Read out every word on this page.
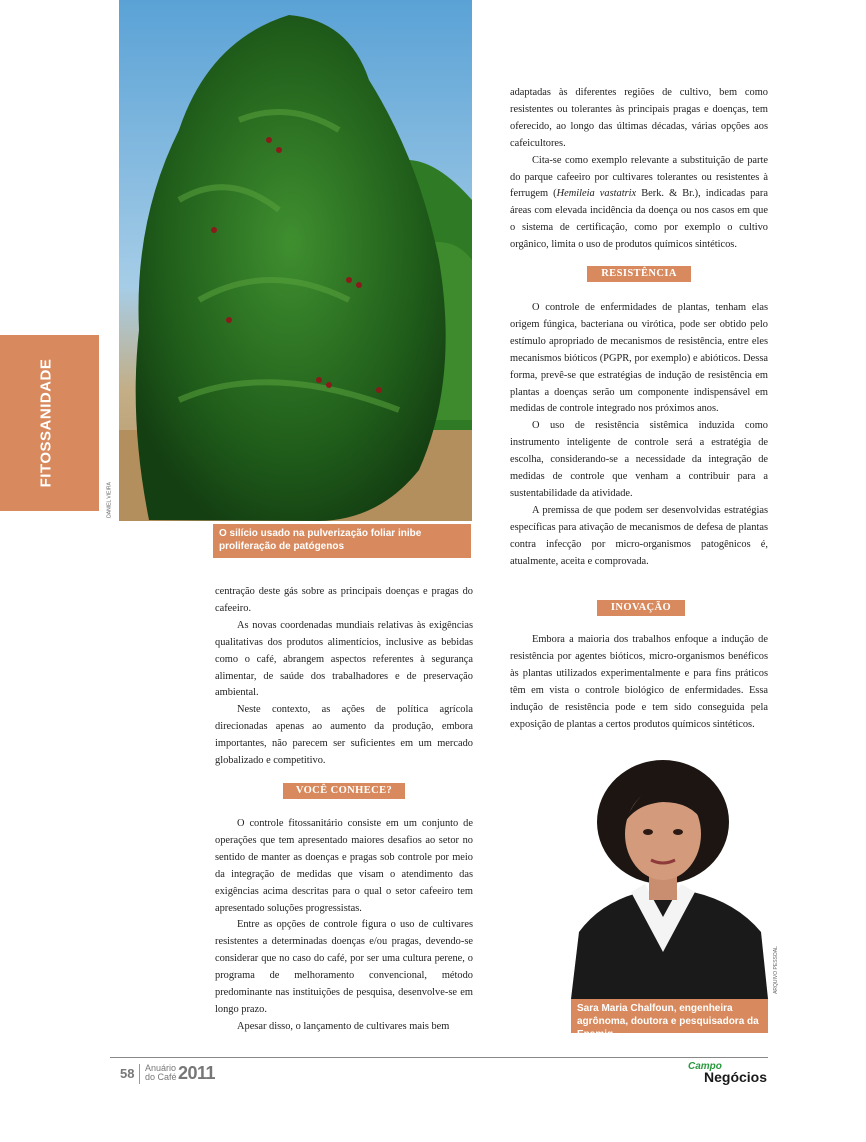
FITOSSANIDADE
DANIEL VIEIRA
O silício usado na pulverização foliar inibe proliferação de patógenos

centração deste gás sobre as principais doenças e pragas do cafeeiro.

As novas coordenadas mundiais relativas às exigências qualitativas dos produtos alimentícios, inclusive as bebidas como o café, abrangem aspectos referentes à segurança alimentar, de saúde dos trabalhadores e de preservação ambiental.

Neste contexto, as ações de política agrícola direcionadas apenas ao aumento da produção, embora importantes, não parecem ser suficientes em um mercado globalizado e competitivo.

VOCÊ CONHECE?

O controle fitossanitário consiste em um conjunto de operações que tem apresentado maiores desafios ao setor no sentido de manter as doenças e pragas sob controle por meio da integração de medidas que visam o atendimento das exigências acima descritas para o qual o setor cafeeiro tem apresentado soluções progressistas.

Entre as opções de controle figura o uso de cultivares resistentes a determinadas doenças e/ou pragas, devendo-se considerar que no caso do café, por ser uma cultura perene, o programa de melhoramento convencional, método predominante nas instituições de pesquisa, desenvolve-se em longo prazo.

Apesar disso, o lançamento de cultivares mais bem

adaptadas às diferentes regiões de cultivo, bem como resistentes ou tolerantes às principais pragas e doenças, tem oferecido, ao longo das últimas décadas, várias opções aos cafeicultores.

Cita-se como exemplo relevante a substituição de parte do parque cafeeiro por cultivares tolerantes ou resistentes à ferrugem (Hemileia vastatrix Berk. & Br.), indicadas para áreas com elevada incidência da doença ou nos casos em que o sistema de certificação, como por exemplo o cultivo orgânico, limita o uso de produtos químicos sintéticos.

RESISTÊNCIA

O controle de enfermidades de plantas, tenham elas origem fúngica, bacteriana ou virótica, pode ser obtido pelo estímulo apropriado de mecanismos de resistência, entre eles mecanismos bióticos (PGPR, por exemplo) e abióticos. Dessa forma, prevê-se que estratégias de indução de resistência em plantas a doenças serão um componente indispensável em medidas de controle integrado nos próximos anos.

O uso de resistência sistêmica induzida como instrumento inteligente de controle será a estratégia de escolha, considerando-se a necessidade da integração de medidas de controle que venham a contribuir para a sustentabilidade da atividade.

A premissa de que podem ser desenvolvidas estratégias específicas para ativação de mecanismos de defesa de plantas contra infecção por micro-organismos patogênicos é, atualmente, aceita e comprovada.

INOVAÇÃO

Embora a maioria dos trabalhos enfoque a indução de resistência por agentes bióticos, micro-organismos benéficos às plantas utilizados experimentalmente e para fins práticos têm em vista o controle biológico de enfermidades. Essa indução de resistência pode e tem sido conseguida pela exposição de plantas a certos produtos químicos sintéticos.

ARQUIVO PESSOAL
Sara Maria Chalfoun, engenheira agrônoma, doutora e pesquisadora da Epamig
58 Anuário
do Café 2011	Campo
Negócios
